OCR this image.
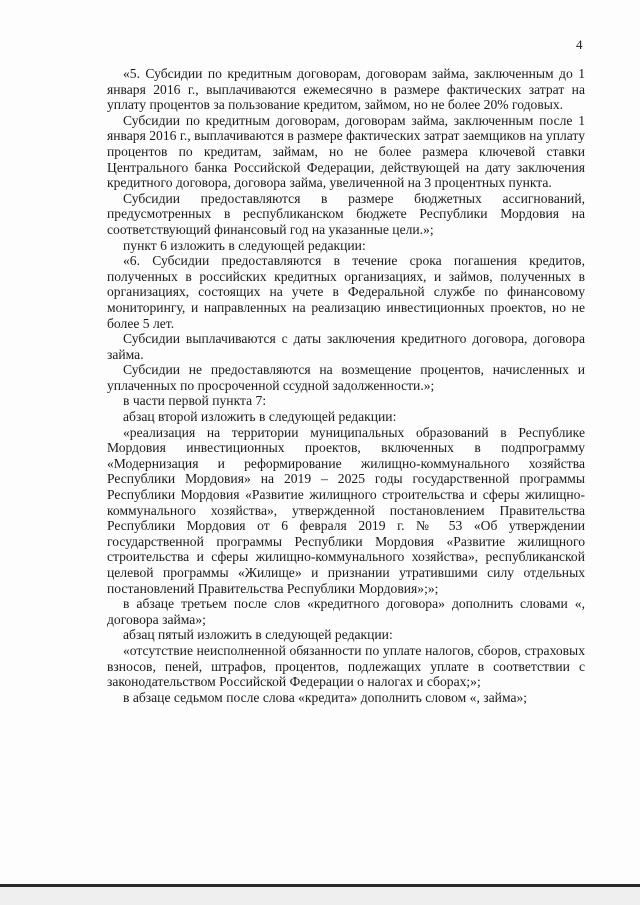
4

«5. Субсидии по кредитным договорам, договорам займа, заключенным до 1 января 2016 г., выплачиваются ежемесячно в размере фактических затрат на уплату процентов за пользование кредитом, займом, но не более 20% годовых.

Субсидии по кредитным договорам, договорам займа, заключенным после 1 января 2016 г., выплачиваются в размере фактических затрат заемщиков на уплату процентов по кредитам, займам, но не более размера ключевой ставки Центрального банка Российской Федерации, действующей на дату заключения кредитного договора, договора займа, увеличенной на 3 процентных пункта.

Субсидии предоставляются в размере бюджетных ассигнований, предусмотренных в республиканском бюджете Республики Мордовия на соответствующий финансовый год на указанные цели.»;

пункт 6 изложить в следующей редакции:

«6. Субсидии предоставляются в течение срока погашения кредитов, полученных в российских кредитных организациях, и займов, полученных в организациях, состоящих на учете в Федеральной службе по финансовому мониторингу, и направленных на реализацию инвестиционных проектов, но не более 5 лет.

Субсидии выплачиваются с даты заключения кредитного договора, договора займа.

Субсидии не предоставляются на возмещение процентов, начисленных и уплаченных по просроченной ссудной задолженности.»;

в части первой пункта 7:

абзац второй изложить в следующей редакции:

«реализация на территории муниципальных образований в Республике Мордовия инвестиционных проектов, включенных в подпрограмму «Модернизация и реформирование жилищно-коммунального хозяйства Республики Мордовия» на 2019 – 2025 годы государственной программы Республики Мордовия «Развитие жилищного строительства и сферы жилищно-коммунального хозяйства», утвержденной постановлением Правительства Республики Мордовия от 6 февраля 2019 г. № 53 «Об утверждении государственной программы Республики Мордовия «Развитие жилищного строительства и сферы жилищно-коммунального хозяйства», республиканской целевой программы «Жилище» и признании утратившими силу отдельных постановлений Правительства Республики Мордовия»;»;

в абзаце третьем после слов «кредитного договора» дополнить словами «, договора займа»;

абзац пятый изложить в следующей редакции:

«отсутствие неисполненной обязанности по уплате налогов, сборов, страховых взносов, пеней, штрафов, процентов, подлежащих уплате в соответствии с законодательством Российской Федерации о налогах и сборах;»;

в абзаце седьмом после слова «кредита» дополнить словом «, займа»;
